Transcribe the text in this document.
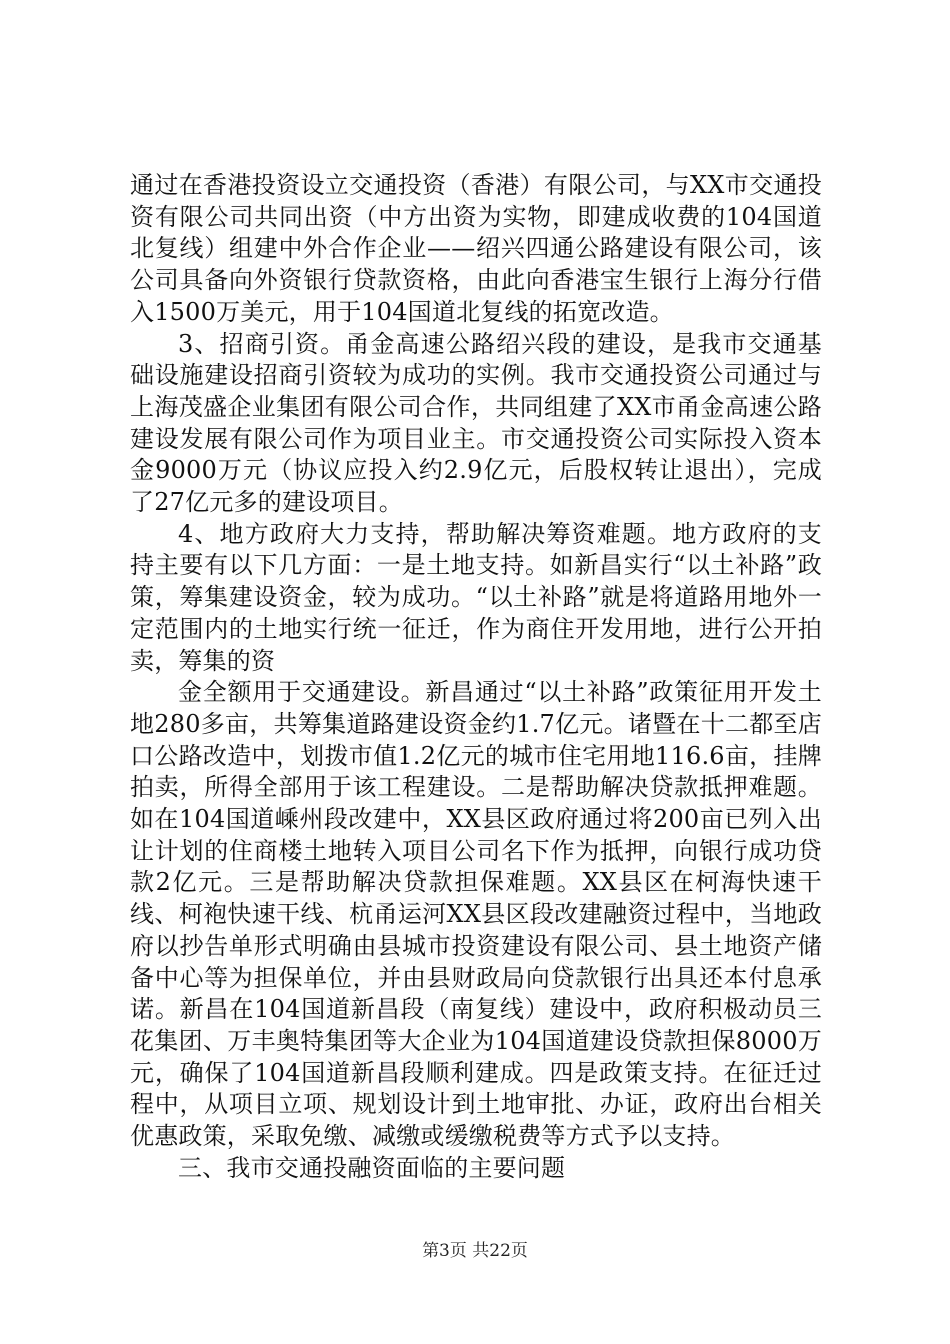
通过在香港投资设立交通投资（香港）有限公司，与XX市交通投资有限公司共同出资（中方出资为实物，即建成收费的104国道北复线）组建中外合作企业——绍兴四通公路建设有限公司，该公司具备向外资银行贷款资格，由此向香港宝生银行上海分行借入1500万美元，用于104国道北复线的拓宽改造。

3、招商引资。甬金高速公路绍兴段的建设，是我市交通基础设施建设招商引资较为成功的实例。我市交通投资公司通过与上海茂盛企业集团有限公司合作，共同组建了XX市甬金高速公路建设发展有限公司作为项目业主。市交通投资公司实际投入资本金9000万元（协议应投入约2.9亿元，后股权转让退出），完成了27亿元多的建设项目。

4、地方政府大力支持，帮助解决筹资难题。地方政府的支持主要有以下几方面：一是土地支持。如新昌实行“以土补路”政策，筹集建设资金，较为成功。“以土补路”就是将道路用地外一定范围内的土地实行统一征迁，作为商住开发用地，进行公开拍卖，筹集的资

金全额用于交通建设。新昌通过“以土补路”政策征用开发土地280多亩，共筹集道路建设资金约1.7亿元。诸暨在十二都至店口公路改造中，划拨市值1.2亿元的城市住宅用地116.6亩，挂牌拍卖，所得全部用于该工程建设。二是帮助解决贷款抵押难题。如在104国道嵊州段改建中，XX县区政府通过将200亩已列入出让计划的住商楼土地转入项目公司名下作为抵押，向银行成功贷款2亿元。三是帮助解决贷款担保难题。XX县区在柯海快速干线、柯袍快速干线、杭甬运河XX县区段改建融资过程中，当地政府以抄告单形式明确由县城市投资建设有限公司、县土地资产储备中心等为担保单位，并由县财政局向贷款银行出具还本付息承诺。新昌在104国道新昌段（南复线）建设中，政府积极动员三花集团、万丰奥特集团等大企业为104国道建设贷款担保8000万元，确保了104国道新昌段顺利建成。四是政策支持。在征迁过程中，从项目立项、规划设计到土地审批、办证，政府出台相关优惠政策，采取免缴、减缴或缓缴税费等方式予以支持。

三、我市交通投融资面临的主要问题

第3页 共22页
